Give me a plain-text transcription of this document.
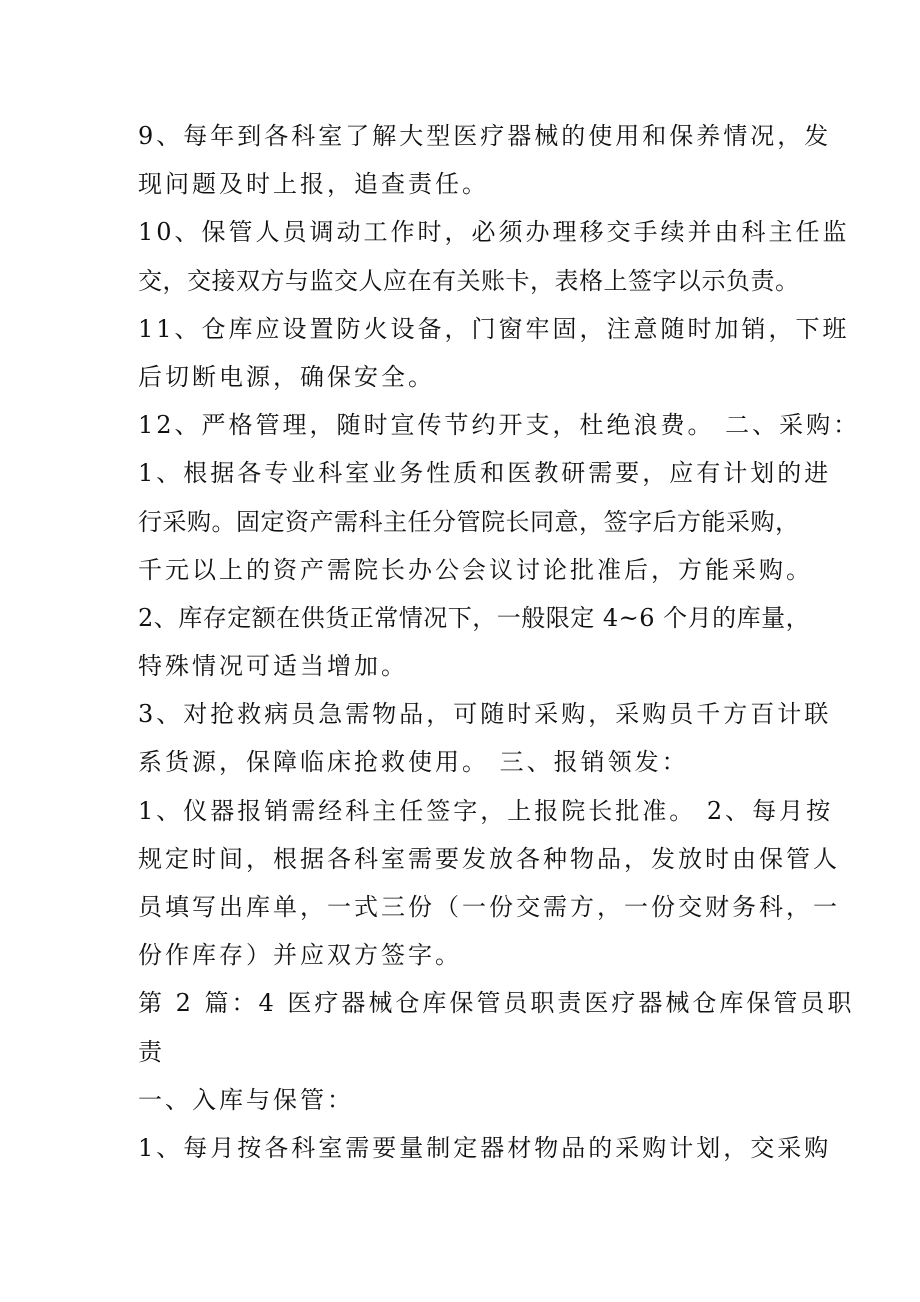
9、每年到各科室了解大型医疗器械的使用和保养情况，发
现问题及时上报，追查责任。
10、保管人员调动工作时，必须办理移交手续并由科主任监
交，交接双方与监交人应在有关账卡，表格上签字以示负责。
11、仓库应设置防火设备，门窗牢固，注意随时加销，下班
后切断电源，确保安全。
12、严格管理，随时宣传节约开支，杜绝浪费。 二、采购：
1、根据各专业科室业务性质和医教研需要，应有计划的进
行采购。固定资产需科主任分管院长同意，签字后方能采购，
千元以上的资产需院长办公会议讨论批准后，方能采购。
2、库存定额在供货正常情况下，一般限定 4~6 个月的库量，
特殊情况可适当增加。
3、对抢救病员急需物品，可随时采购，采购员千方百计联
系货源，保障临床抢救使用。 三、报销领发：
1、仪器报销需经科主任签字，上报院长批准。 2、每月按
规定时间，根据各科室需要发放各种物品，发放时由保管人
员填写出库单，一式三份（一份交需方，一份交财务科，一
份作库存）并应双方签字。
第 2 篇：4 医疗器械仓库保管员职责医疗器械仓库保管员职
责
一、入库与保管：
1、每月按各科室需要量制定器材物品的采购计划，交采购
